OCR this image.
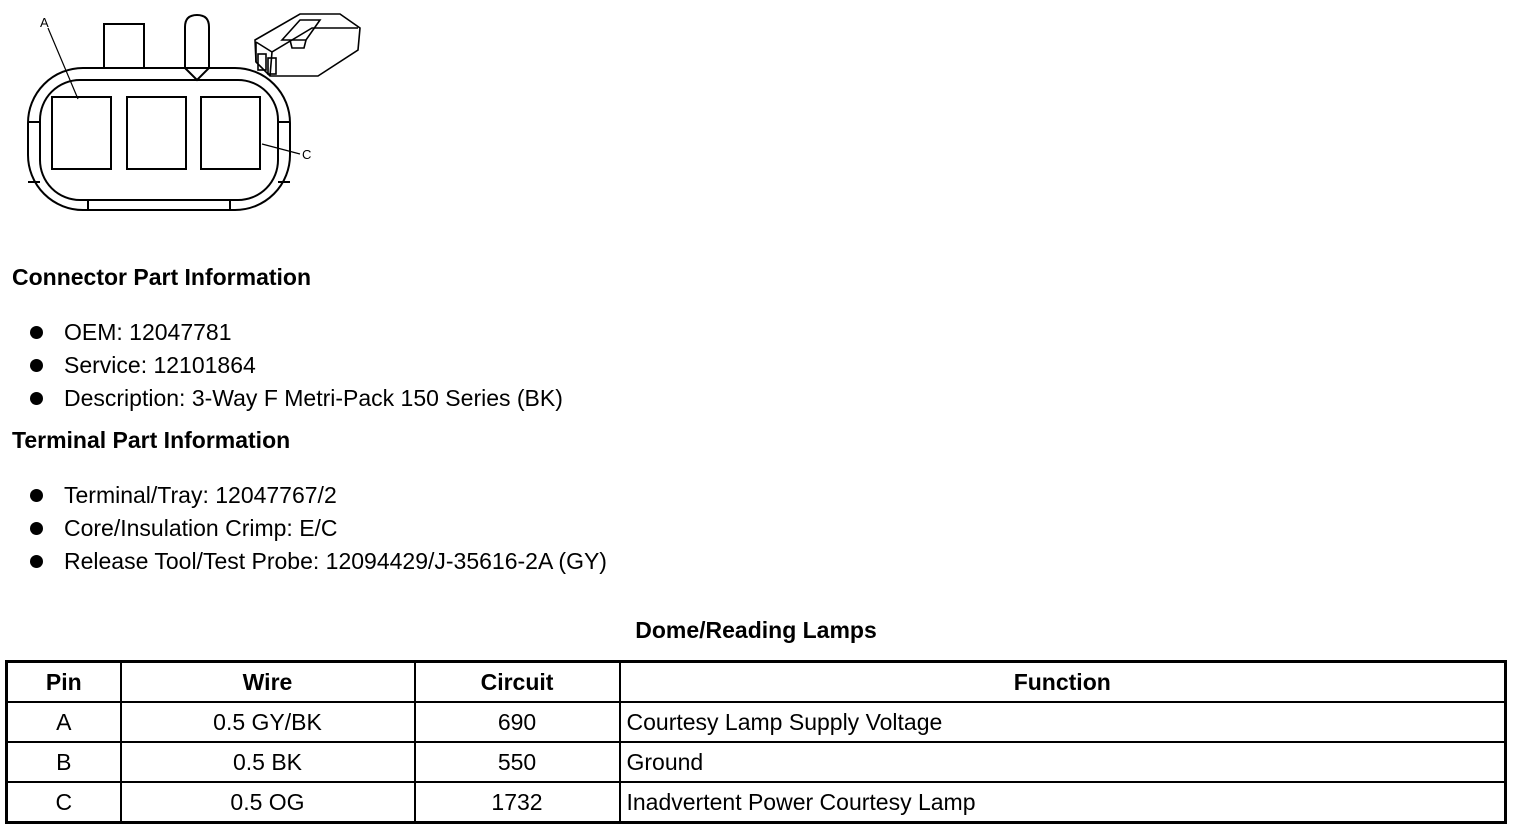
A
C
Connector Part Information
OEM: 12047781
Service: 12101864
Description: 3-Way F Metri-Pack 150 Series (BK)
Terminal Part Information
Terminal/Tray: 12047767/2
Core/Insulation Crimp: E/C
Release Tool/Test Probe: 12094429/J-35616-2A (GY)
Dome/Reading Lamps
Pin	Wire	Circuit	Function
A	0.5 GY/BK	690	Courtesy Lamp Supply Voltage
B	0.5 BK	550	Ground
C	0.5 OG	1732	Inadvertent Power Courtesy Lamp
